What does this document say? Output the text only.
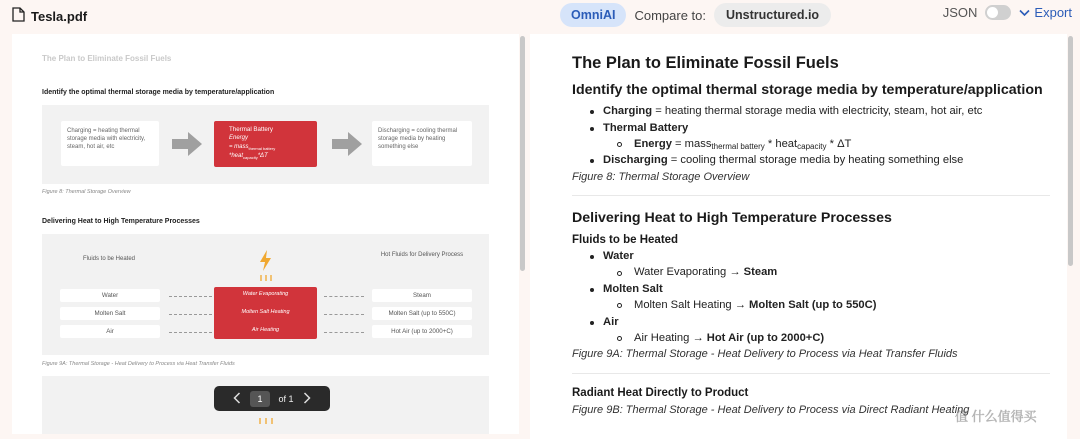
Tesla.pdf	OmniAI	Compare to:	Unstructured.io	JSON	Export
The Plan to Eliminate Fossil Fuels
Identify the optimal thermal storage media by temperature/application
Charging = heating thermal storage media with electricity, steam, hot air, etc
Thermal Battery
Energy
= mass$_{thermal battery}$
*heat$_{capacity}$*ΔT
Discharging = cooling thermal storage media by heating something else
Figure 8: Thermal Storage Overview
Delivering Heat to High Temperature Processes
Fluids to be Heated
Hot Fluids for Delivery Process
Water
Molten Salt
Air
Water Evaporating
Molten Salt Heating
Air Heating
Steam
Molten Salt (up to 550C)
Hot Air (up to 2000+C)
Figure 9A: Thermal Storage - Heat Delivery to Process via Heat Transfer Fluids
1	of 1
The Plan to Eliminate Fossil Fuels
Identify the optimal thermal storage media by temperature/application
Charging = heating thermal storage media with electricity, steam, hot air, etc
Thermal Battery
Energy = mass$_{thermal battery}$ * heat$_{capacity}$ * ΔT
Discharging = cooling thermal storage media by heating something else
Figure 8: Thermal Storage Overview
Delivering Heat to High Temperature Processes
Fluids to be Heated
Water
Water Evaporating → Steam
Molten Salt
Molten Salt Heating → Molten Salt (up to 550C)
Air
Air Heating → Hot Air (up to 2000+C)
Figure 9A: Thermal Storage - Heat Delivery to Process via Heat Transfer Fluids
Radiant Heat Directly to Product
Figure 9B: Thermal Storage - Heat Delivery to Process via Direct Radiant Heating
值 什么值得买
